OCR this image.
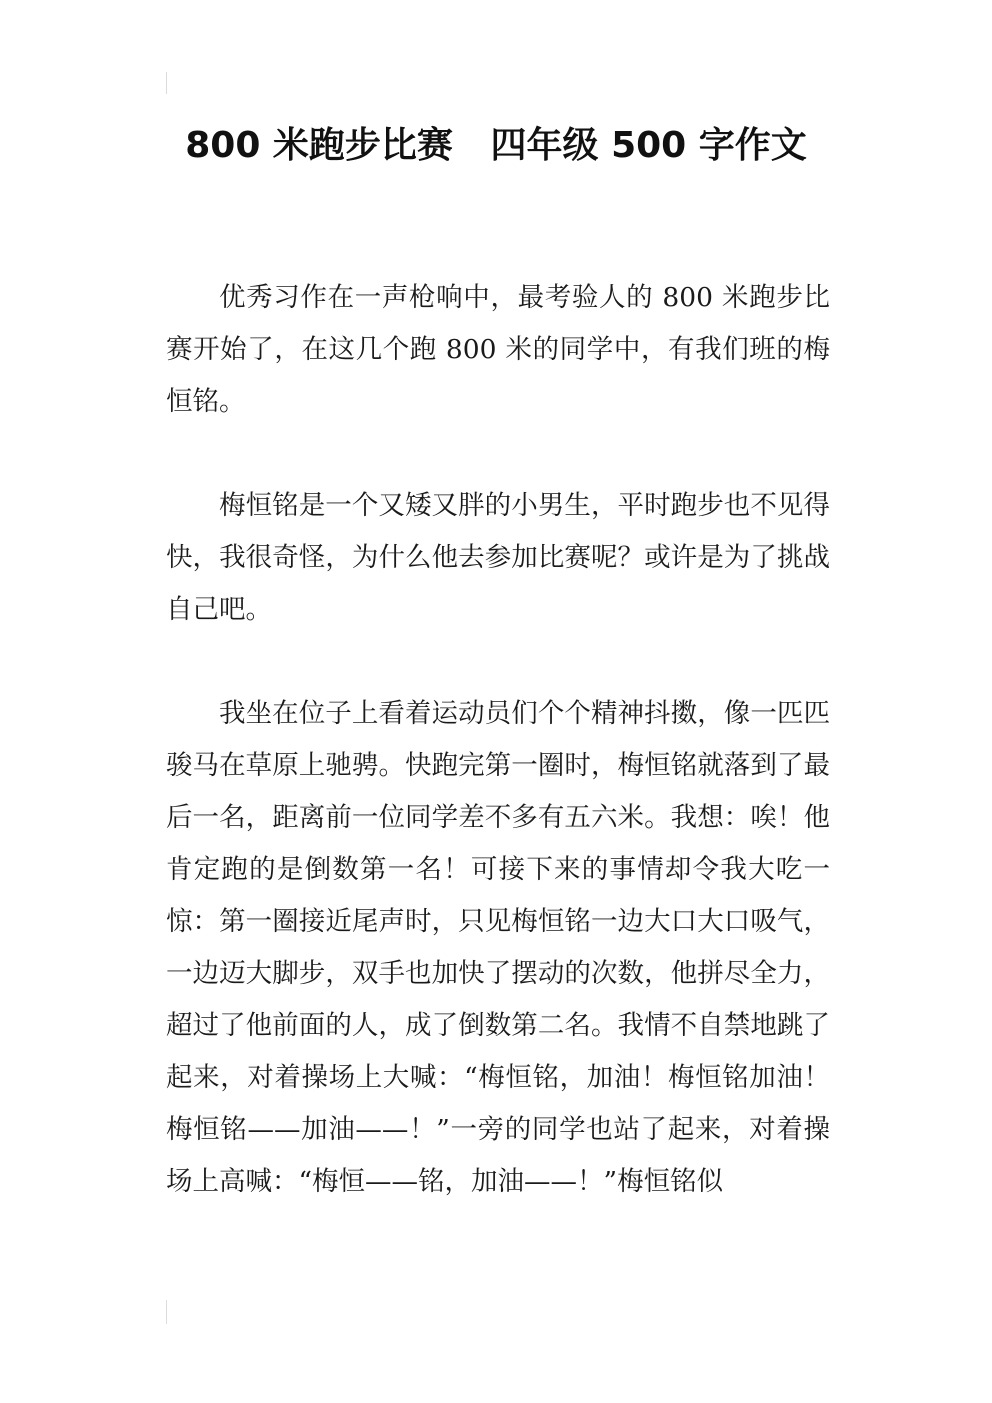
800 米跑步比赛   四年级 500 字作文

优秀习作在一声枪响中，最考验人的 800 米跑步比赛开始了，在这几个跑 800 米的同学中，有我们班的梅恒铭。

梅恒铭是一个又矮又胖的小男生，平时跑步也不见得快，我很奇怪，为什么他去参加比赛呢？或许是为了挑战自己吧。

我坐在位子上看着运动员们个个精神抖擞，像一匹匹骏马在草原上驰骋。快跑完第一圈时，梅恒铭就落到了最后一名，距离前一位同学差不多有五六米。我想：唉！他肯定跑的是倒数第一名！可接下来的事情却令我大吃一惊：第一圈接近尾声时，只见梅恒铭一边大口大口吸气，一边迈大脚步，双手也加快了摆动的次数，他拼尽全力，超过了他前面的人，成了倒数第二名。我情不自禁地跳了起来，对着操场上大喊：“梅恒铭，加油！梅恒铭加油！梅恒铭——加油——！”一旁的同学也站了起来，对着操场上高喊：“梅恒——铭，加油——！”梅恒铭似
